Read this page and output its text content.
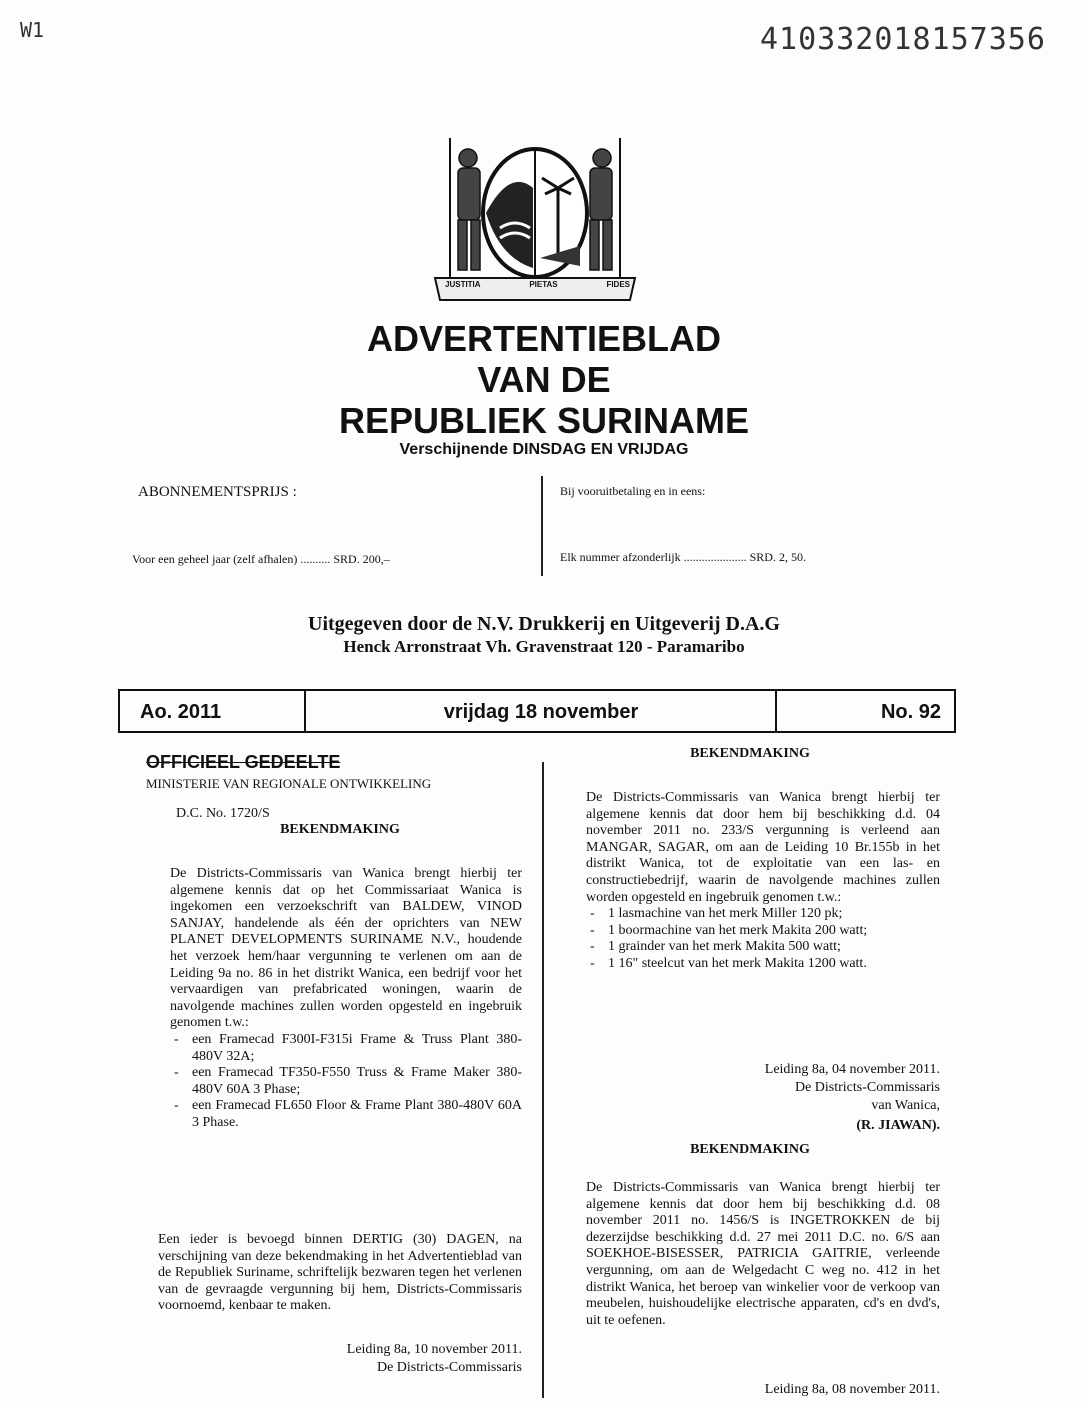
W1	410332018157356
JUSTITIA	PIETAS	FIDES
ADVERTENTIEBLAD
VAN DE
REPUBLIEK SURINAME
Verschijnende DINSDAG EN VRIJDAG
ABONNEMENTSPRIJS :	Bij vooruitbetaling en in eens:
Voor een geheel jaar (zelf afhalen) .......... SRD. 200,–	Elk nummer afzonderlijk ..................... SRD. 2, 50.
Uitgegeven door de N.V. Drukkerij en Uitgeverij D.A.G
Henck Arronstraat Vh. Gravenstraat 120 - Paramaribo
Ao. 2011	vrijdag 18 november	No. 92
OFFICIEEL GEDEELTE
MINISTERIE VAN REGIONALE ONTWIKKELING
D.C. No. 1720/S
BEKENDMAKING

De Districts-Commissaris van Wanica brengt hierbij ter algemene kennis dat op het Commissariaat Wanica is ingekomen een verzoekschrift van BALDEW, VINOD SANJAY, handelende als één der oprichters van NEW PLANET DEVELOPMENTS SURINAME N.V., houdende het verzoek hem/haar vergunning te verlenen om aan de Leiding 9a no. 86 in het distrikt Wanica, een bedrijf voor het vervaardigen van prefabricated woningen, waarin de navolgende machines zullen worden opgesteld en ingebruik genomen t.w.:

- een Framecad F300I-F315i Frame & Truss Plant 380-480V 32A;
- een Framecad TF350-F550 Truss & Frame Maker 380-480V 60A 3 Phase;
- een Framecad FL650 Floor & Frame Plant 380-480V 60A 3 Phase.

Een ieder is bevoegd binnen DERTIG (30) DAGEN, na verschijning van deze bekendmaking in het Advertentieblad van de Republiek Suriname, schriftelijk bezwaren tegen het verlenen van de gevraagde vergunning bij hem, Districts-Commissaris voornoemd, kenbaar te maken.

Leiding 8a, 10 november 2011.
De Districts-Commissaris
BEKENDMAKING

De Districts-Commissaris van Wanica brengt hierbij ter algemene kennis dat door hem bij beschikking d.d. 04 november 2011 no. 233/S vergunning is verleend aan MANGAR, SAGAR, om aan de Leiding 10 Br.155b in het distrikt Wanica, tot de exploitatie van een las- en constructiebedrijf, waarin de navolgende machines zullen worden opgesteld en ingebruik genomen t.w.:

- 1 lasmachine van het merk Miller 120 pk;
- 1 boormachine van het merk Makita 200 watt;
- 1 grainder van het merk Makita 500 watt;
- 1 16" steelcut van het merk Makita 1200 watt.
Leiding 8a, 04 november 2011.
De Districts-Commissaris
van Wanica,
(R. JIAWAN).
BEKENDMAKING

De Districts-Commissaris van Wanica brengt hierbij ter algemene kennis dat door hem bij beschikking d.d. 08 november 2011 no. 1456/S is INGETROKKEN de bij dezerzijdse beschikking d.d. 27 mei 2011 D.C. no. 6/S aan SOEKHOE-BISESSER, PATRICIA GAITRIE, verleende vergunning, om aan de Welgedacht C weg no. 412 in het distrikt Wanica, het beroep van winkelier voor de verkoop van meubelen, huishoudelijke electrische apparaten, cd's en dvd's, uit te oefenen.

Leiding 8a, 08 november 2011.
